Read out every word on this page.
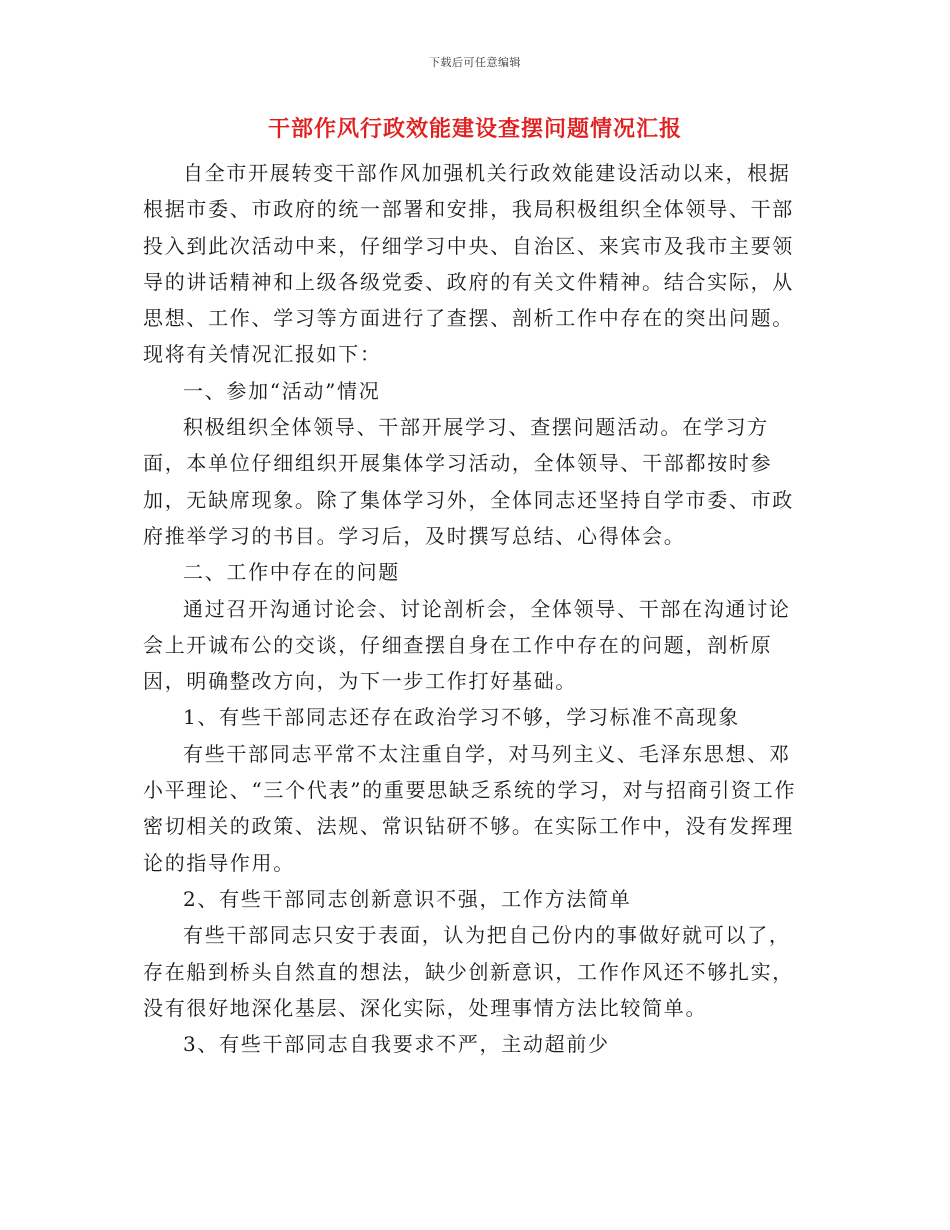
下载后可任意编辑
干部作风行政效能建设查摆问题情况汇报

自全市开展转变干部作风加强机关行政效能建设活动以来，根据根据市委、市政府的统一部署和安排，我局积极组织全体领导、干部投入到此次活动中来，仔细学习中央、自治区、来宾市及我市主要领导的讲话精神和上级各级党委、政府的有关文件精神。结合实际，从思想、工作、学习等方面进行了查摆、剖析工作中存在的突出问题。现将有关情况汇报如下：

一、参加“活动”情况

积极组织全体领导、干部开展学习、查摆问题活动。在学习方面，本单位仔细组织开展集体学习活动，全体领导、干部都按时参加，无缺席现象。除了集体学习外，全体同志还坚持自学市委、市政府推举学习的书目。学习后，及时撰写总结、心得体会。

二、工作中存在的问题

通过召开沟通讨论会、讨论剖析会，全体领导、干部在沟通讨论会上开诚布公的交谈，仔细查摆自身在工作中存在的问题，剖析原因，明确整改方向，为下一步工作打好基础。

1、有些干部同志还存在政治学习不够，学习标准不高现象

有些干部同志平常不太注重自学，对马列主义、毛泽东思想、邓小平理论、“三个代表”的重要思缺乏系统的学习，对与招商引资工作密切相关的政策、法规、常识钻研不够。在实际工作中，没有发挥理论的指导作用。

2、有些干部同志创新意识不强，工作方法简单

有些干部同志只安于表面，认为把自己份内的事做好就可以了，存在船到桥头自然直的想法，缺少创新意识，工作作风还不够扎实，没有很好地深化基层、深化实际，处理事情方法比较简单。

3、有些干部同志自我要求不严，主动超前少
